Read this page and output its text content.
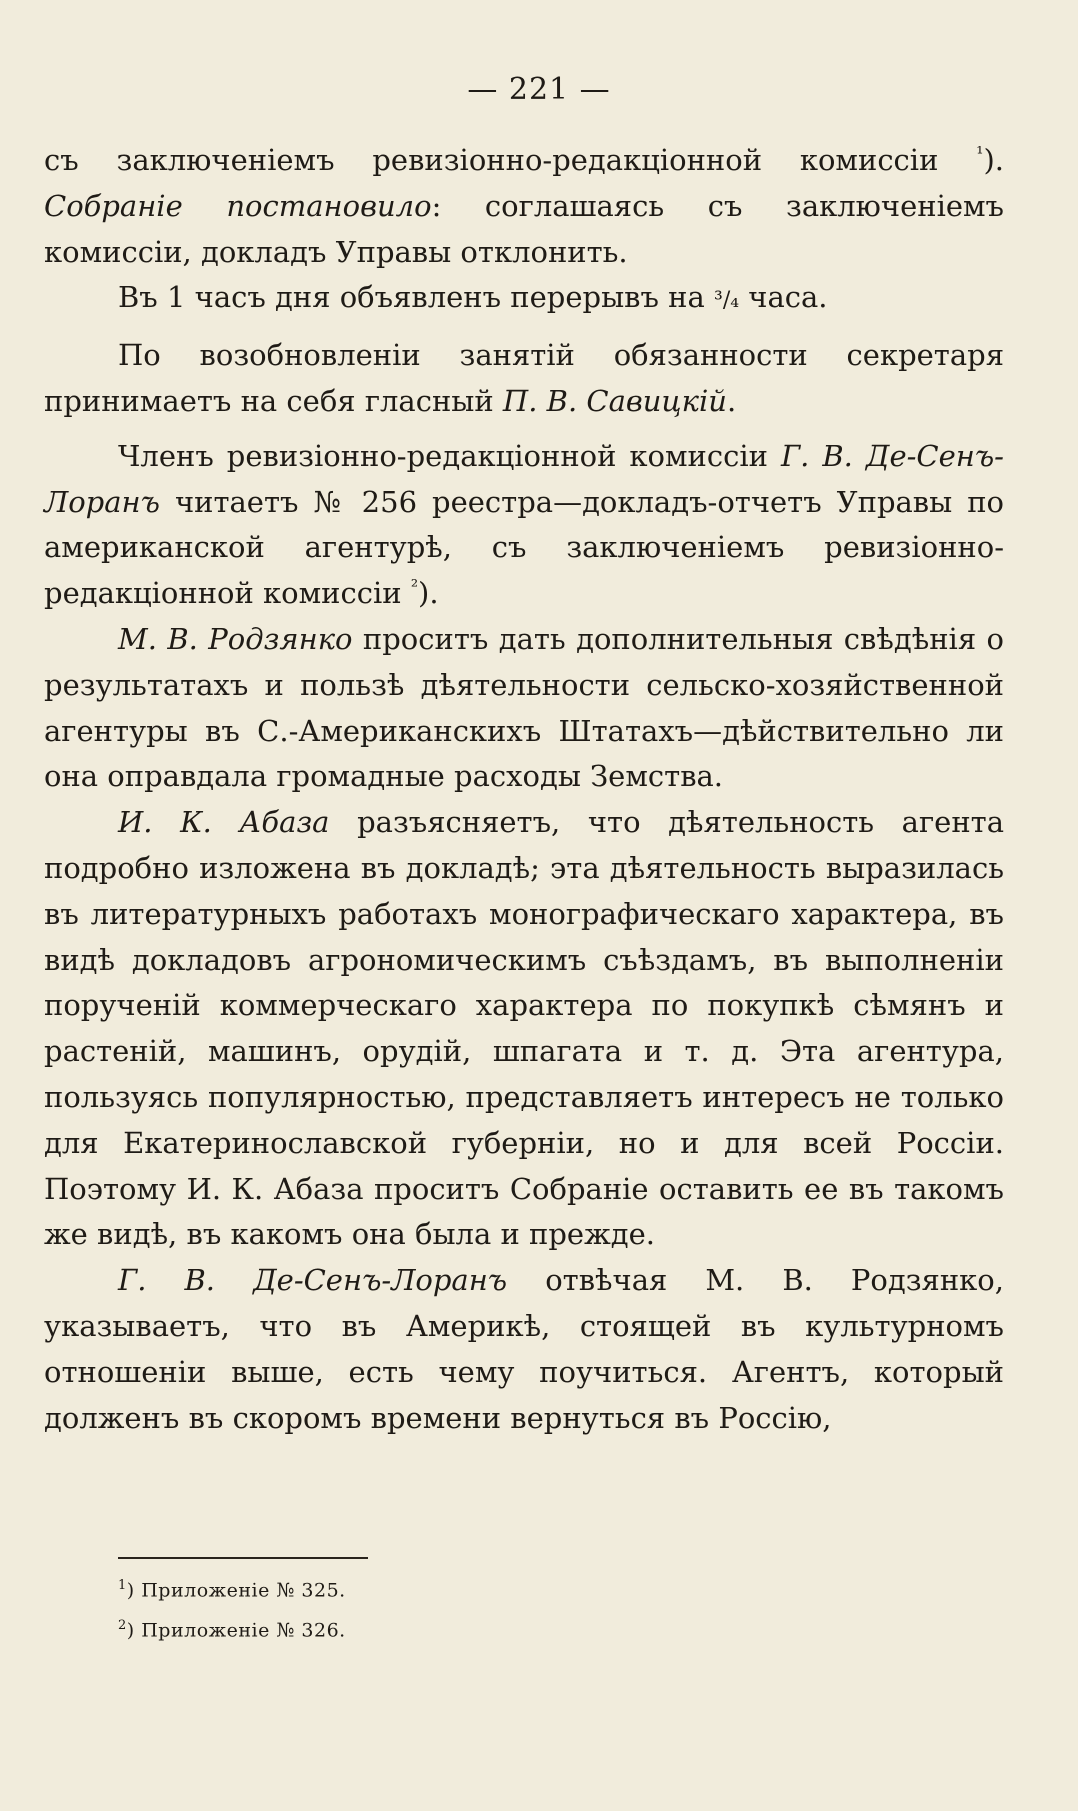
— 221 —

съ заключеніемъ ревизіонно-редакціонной комиссіи $^{^1}$). Собраніе постановило: соглашаясь съ заключеніемъ комиссіи, докладъ Управы отклонить.

Въ 1 часъ дня объявленъ перерывъ на ³/₄ часа.

По возобновленіи занятій обязанности секретаря принимаетъ на себя гласный П. В. Савицкій.

Членъ ревизіонно-редакціонной комиссіи Г. В. Де-Сенъ-Лоранъ читаетъ № 256 реестра—докладъ-отчетъ Управы по американской агентурѣ, съ заключеніемъ ревизіонно-редакціонной комиссіи $^{^2}$).

М. В. Родзянко проситъ дать дополнительныя свѣдѣнія о результатахъ и пользѣ дѣятельности сельско-хозяйственной агентуры въ С.-Американскихъ Штатахъ—дѣйствительно ли она оправдала громадные расходы Земства.

И. К. Абаза разъясняетъ, что дѣятельность агента подробно изложена въ докладѣ; эта дѣятельность выразилась въ литературныхъ работахъ монографическаго характера, въ видѣ докладовъ агрономическимъ съѣздамъ, въ выполненіи порученій коммерческаго характера по покупкѣ сѣмянъ и растеній, машинъ, орудій, шпагата и т. д. Эта агентура, пользуясь популярностью, представляетъ интересъ не только для Екатеринославской губерніи, но и для всей Россіи. Поэтому И. К. Абаза проситъ Собраніе оставить ее въ такомъ же видѣ, въ какомъ она была и прежде.

Г. В. Де-Сенъ-Лоранъ отвѣчая М. В. Родзянко, указываетъ, что въ Америкѣ, стоящей въ культурномъ отношеніи выше, есть чему поучиться. Агентъ, который долженъ въ скоромъ времени вернуться въ Россію,

$^1$) Приложеніе № 325.
$^2$) Приложеніе № 326.
